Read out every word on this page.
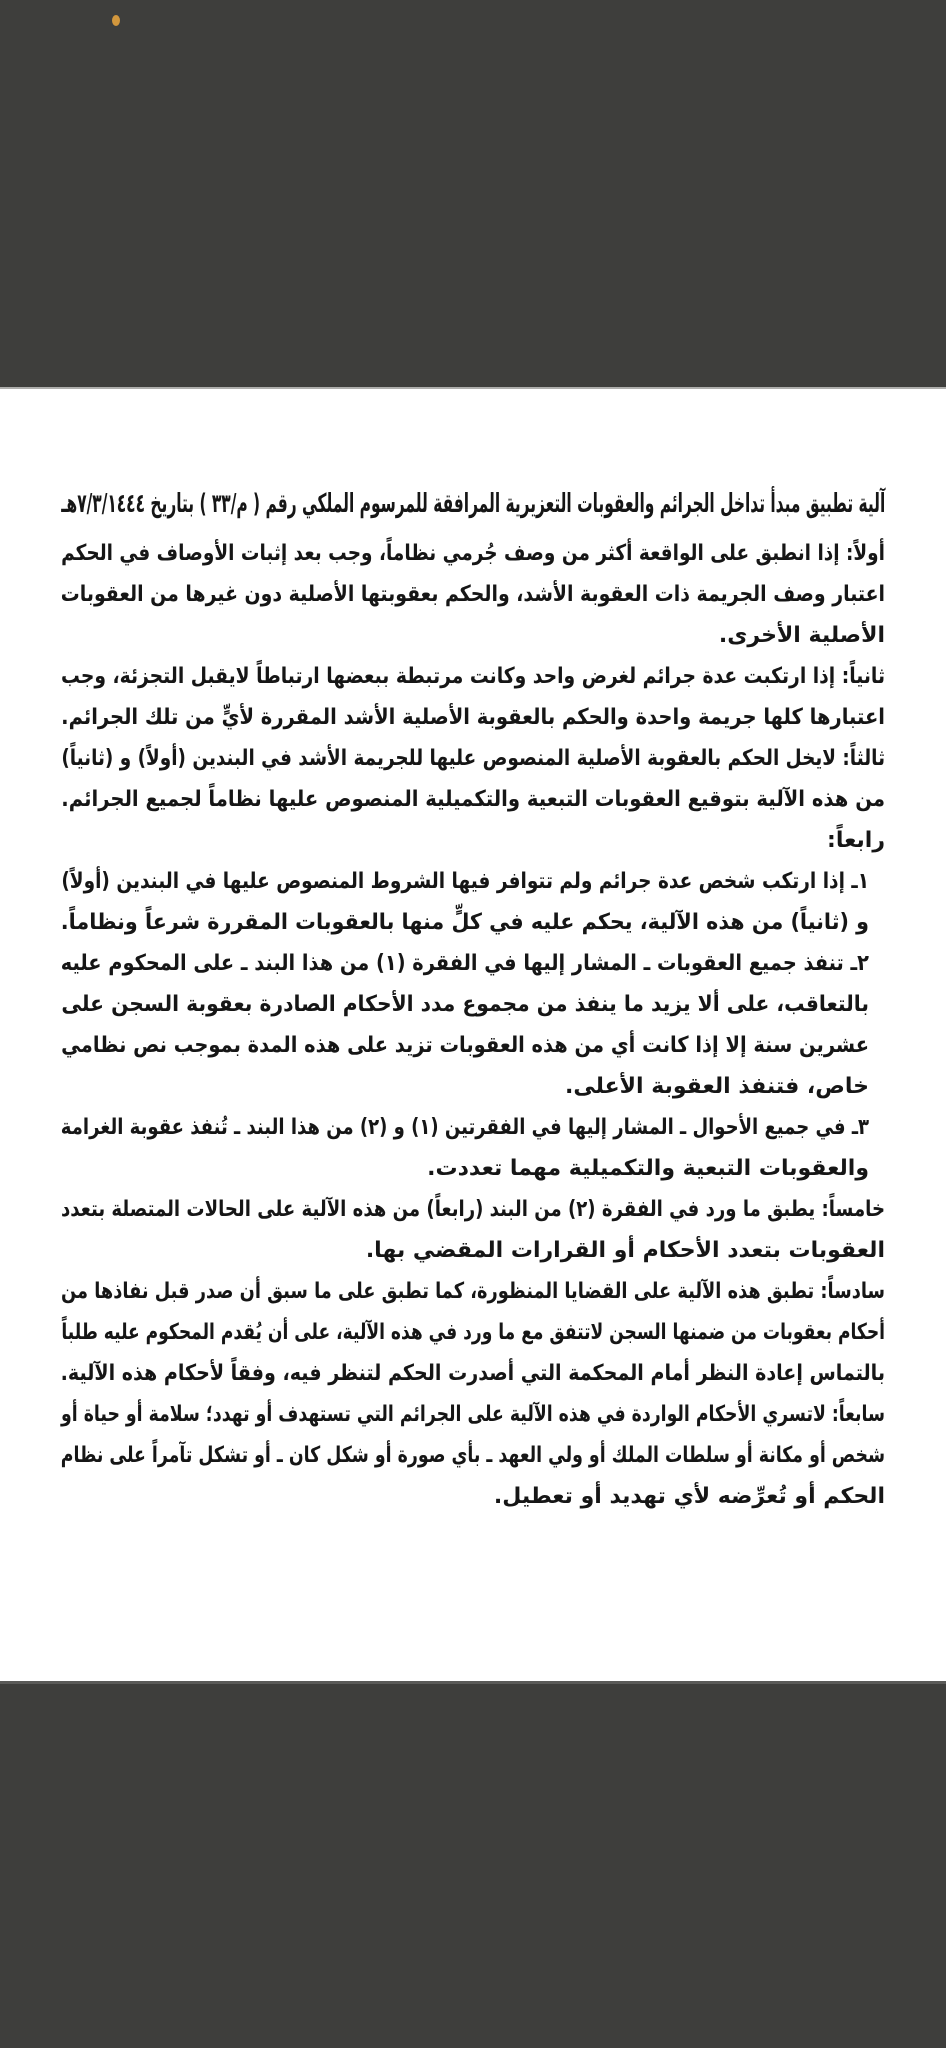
آلية تطبيق مبدأ تداخل الجرائم والعقوبات التعزيرية المرافقة للمرسوم الملكي رقم ( م/٣٣ ) بتاريخ ٧/٣/١٤٤٤هـ

أولاً: إذا انطبق على الواقعة أكثر من وصف جُرمي نظاماً، وجب بعد إثبات الأوصاف في الحكم
اعتبار وصف الجريمة ذات العقوبة الأشد، والحكم بعقوبتها الأصلية دون غيرها من العقوبات
الأصلية الأخرى.

ثانياً: إذا ارتكبت عدة جرائم لغرض واحد وكانت مرتبطة ببعضها ارتباطاً لايقبل التجزئة، وجب
اعتبارها كلها جريمة واحدة والحكم بالعقوبة الأصلية الأشد المقررة لأيٍّ من تلك الجرائم.

ثالثاً: لايخل الحكم بالعقوبة الأصلية المنصوص عليها للجريمة الأشد في البندين (أولاً) و (ثانياً)
من هذه الآلية بتوقيع العقوبات التبعية والتكميلية المنصوص عليها نظاماً لجميع الجرائم.

رابعاً:

١ـ إذا ارتكب شخص عدة جرائم ولم تتوافر فيها الشروط المنصوص عليها في البندين (أولاً)
و (ثانياً) من هذه الآلية، يحكم عليه في كلٍّ منها بالعقوبات المقررة شرعاً ونظاماً.

٢ـ تنفذ جميع العقوبات ـ المشار إليها في الفقرة (١) من هذا البند ـ على المحكوم عليه
بالتعاقب، على ألا يزيد ما ينفذ من مجموع مدد الأحكام الصادرة بعقوبة السجن على
عشرين سنة إلا إذا كانت أي من هذه العقوبات تزيد على هذه المدة بموجب نص نظامي
خاص، فتنفذ العقوبة الأعلى.

٣ـ في جميع الأحوال ـ المشار إليها في الفقرتين (١) و (٢) من هذا البند ـ تُنفذ عقوبة الغرامة
والعقوبات التبعية والتكميلية مهما تعددت.

خامساً: يطبق ما ورد في الفقرة (٢) من البند (رابعاً) من هذه الآلية على الحالات المتصلة بتعدد
العقوبات بتعدد الأحكام أو القرارات المقضي بها.

سادساً: تطبق هذه الآلية على القضايا المنظورة، كما تطبق على ما سبق أن صدر قبل نفاذها من
أحكام بعقوبات من ضمنها السجن لاتتفق مع ما ورد في هذه الآلية، على أن يُقدم المحكوم عليه طلباً
بالتماس إعادة النظر أمام المحكمة التي أصدرت الحكم لتنظر فيه، وفقاً لأحكام هذه الآلية.

سابعاً: لاتسري الأحكام الواردة في هذه الآلية على الجرائم التي تستهدف أو تهدد؛ سلامة أو حياة أو
شخص أو مكانة أو سلطات الملك أو ولي العهد ـ بأي صورة أو شكل كان ـ أو تشكل تآمراً على نظام
الحكم أو تُعرِّضه لأي تهديد أو تعطيل.
